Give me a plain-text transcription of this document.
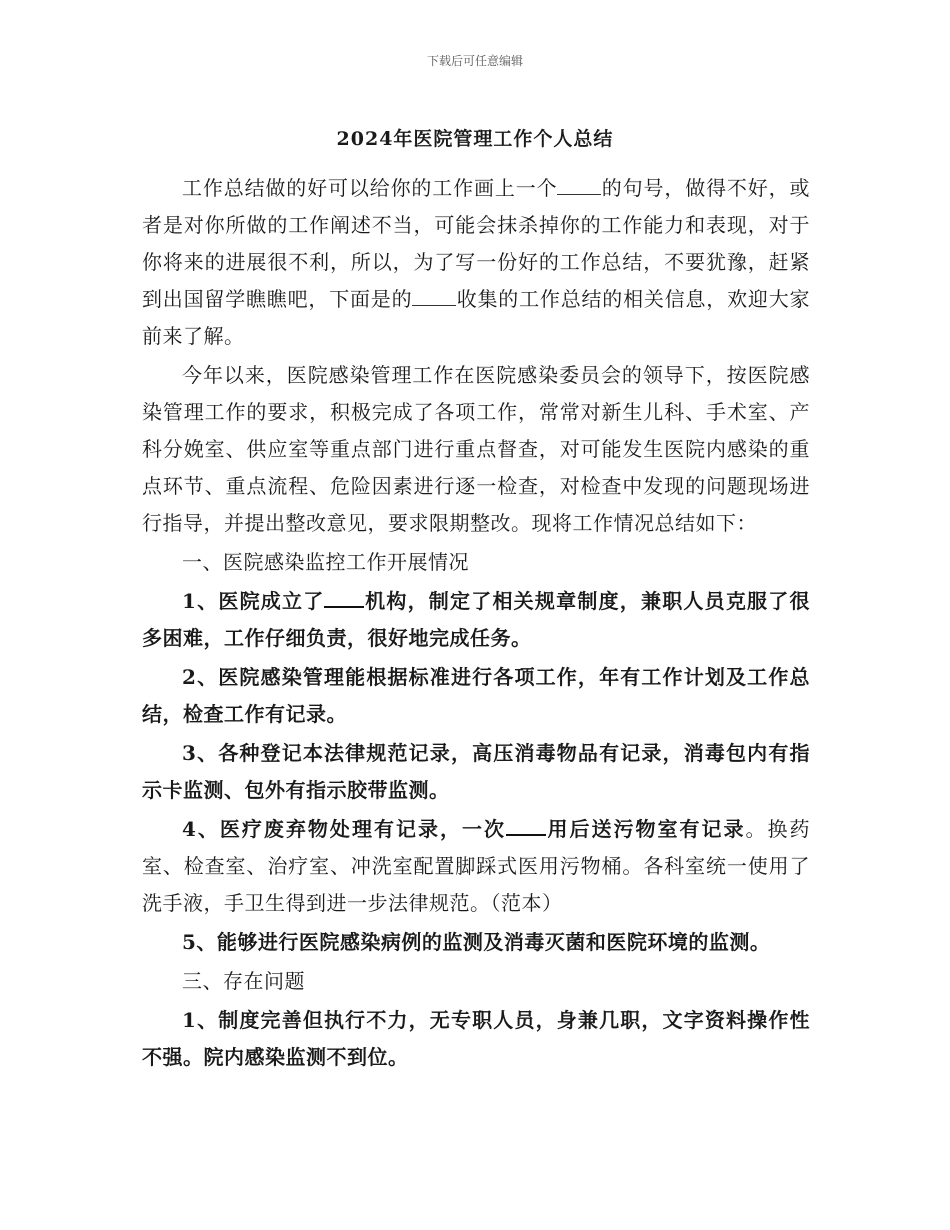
下载后可任意编辑
2024年医院管理工作个人总结

工作总结做的好可以给你的工作画上一个 的句号，做得不好，或者是对你所做的工作阐述不当，可能会抹杀掉你的工作能力和表现，对于你将来的进展很不利，所以，为了写一份好的工作总结，不要犹豫，赶紧到出国留学瞧瞧吧，下面是的 收集的工作总结的相关信息，欢迎大家前来了解。

今年以来，医院感染管理工作在医院感染委员会的领导下，按医院感染管理工作的要求，积极完成了各项工作，常常对新生儿科、手术室、产科分娩室、供应室等重点部门进行重点督查，对可能发生医院内感染的重点环节、重点流程、危险因素进行逐一检查，对检查中发现的问题现场进行指导，并提出整改意见，要求限期整改。现将工作情况总结如下：

一、医院感染监控工作开展情况

1、医院成立了 机构，制定了相关规章制度，兼职人员克服了很多困难，工作仔细负责，很好地完成任务。

2、医院感染管理能根据标准进行各项工作，年有工作计划及工作总结，检查工作有记录。

3、各种登记本法律规范记录，高压消毒物品有记录，消毒包内有指示卡监测、包外有指示胶带监测。

4、医疗废弃物处理有记录，一次 用后送污物室有记录。换药室、检查室、治疗室、冲洗室配置脚踩式医用污物桶。各科室统一使用了洗手液，手卫生得到进一步法律规范。（范本）

5、能够进行医院感染病例的监测及消毒灭菌和医院环境的监测。

三、存在问题

1、制度完善但执行不力，无专职人员，身兼几职，文字资料操作性不强。院内感染监测不到位。
